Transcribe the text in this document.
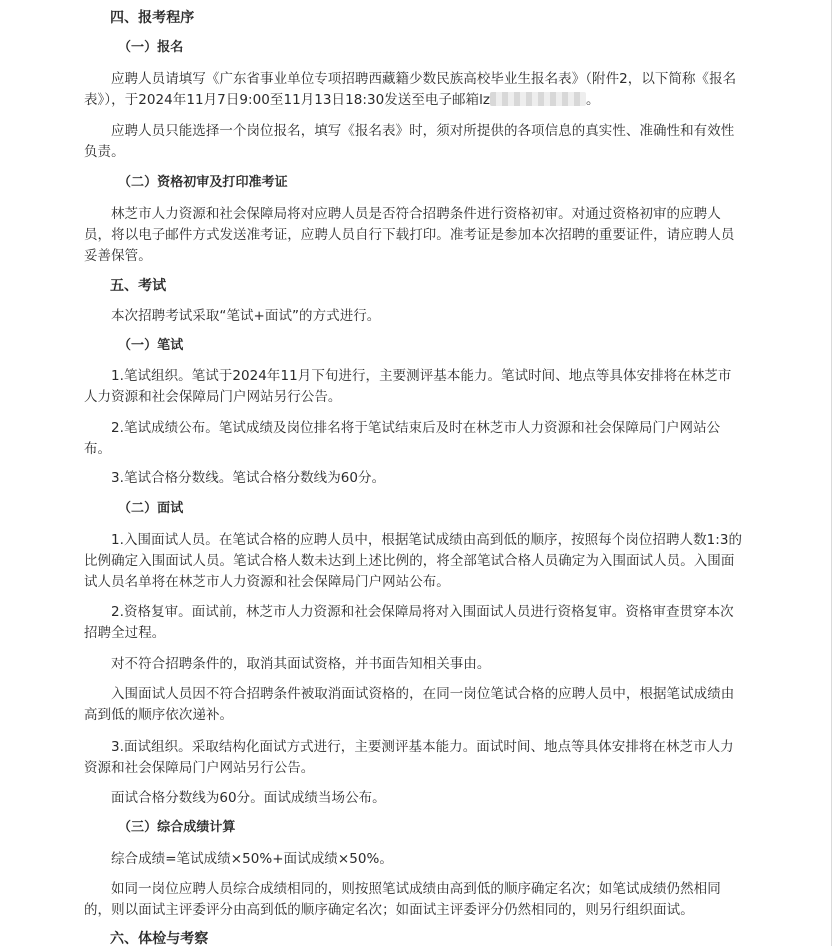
四、报考程序
（一）报名
应聘人员请填写《广东省事业单位专项招聘西藏籍少数民族高校毕业生报名表》（附件2，以下简称《报名表》），于2024年11月7日9:00至11月13日18:30发送至电子邮箱lz	。
应聘人员只能选择一个岗位报名，填写《报名表》时，须对所提供的各项信息的真实性、准确性和有效性负责。
（二）资格初审及打印准考证
林芝市人力资源和社会保障局将对应聘人员是否符合招聘条件进行资格初审。对通过资格初审的应聘人员，将以电子邮件方式发送准考证，应聘人员自行下载打印。准考证是参加本次招聘的重要证件，请应聘人员妥善保管。
五、考试
本次招聘考试采取“笔试+面试”的方式进行。
（一）笔试
1.笔试组织。笔试于2024年11月下旬进行，主要测评基本能力。笔试时间、地点等具体安排将在林芝市人力资源和社会保障局门户网站另行公告。
2.笔试成绩公布。笔试成绩及岗位排名将于笔试结束后及时在林芝市人力资源和社会保障局门户网站公布。
3.笔试合格分数线。笔试合格分数线为60分。
（二）面试
1.入围面试人员。在笔试合格的应聘人员中，根据笔试成绩由高到低的顺序，按照每个岗位招聘人数1:3的比例确定入围面试人员。笔试合格人数未达到上述比例的，将全部笔试合格人员确定为入围面试人员。入围面试人员名单将在林芝市人力资源和社会保障局门户网站公布。
2.资格复审。面试前，林芝市人力资源和社会保障局将对入围面试人员进行资格复审。资格审查贯穿本次招聘全过程。
对不符合招聘条件的，取消其面试资格，并书面告知相关事由。
入围面试人员因不符合招聘条件被取消面试资格的，在同一岗位笔试合格的应聘人员中，根据笔试成绩由高到低的顺序依次递补。
3.面试组织。采取结构化面试方式进行，主要测评基本能力。面试时间、地点等具体安排将在林芝市人力资源和社会保障局门户网站另行公告。
面试合格分数线为60分。面试成绩当场公布。
（三）综合成绩计算
综合成绩=笔试成绩×50%+面试成绩×50%。
如同一岗位应聘人员综合成绩相同的，则按照笔试成绩由高到低的顺序确定名次；如笔试成绩仍然相同的，则以面试主评委评分由高到低的顺序确定名次；如面试主评委评分仍然相同的，则另行组织面试。
六、体检与考察
